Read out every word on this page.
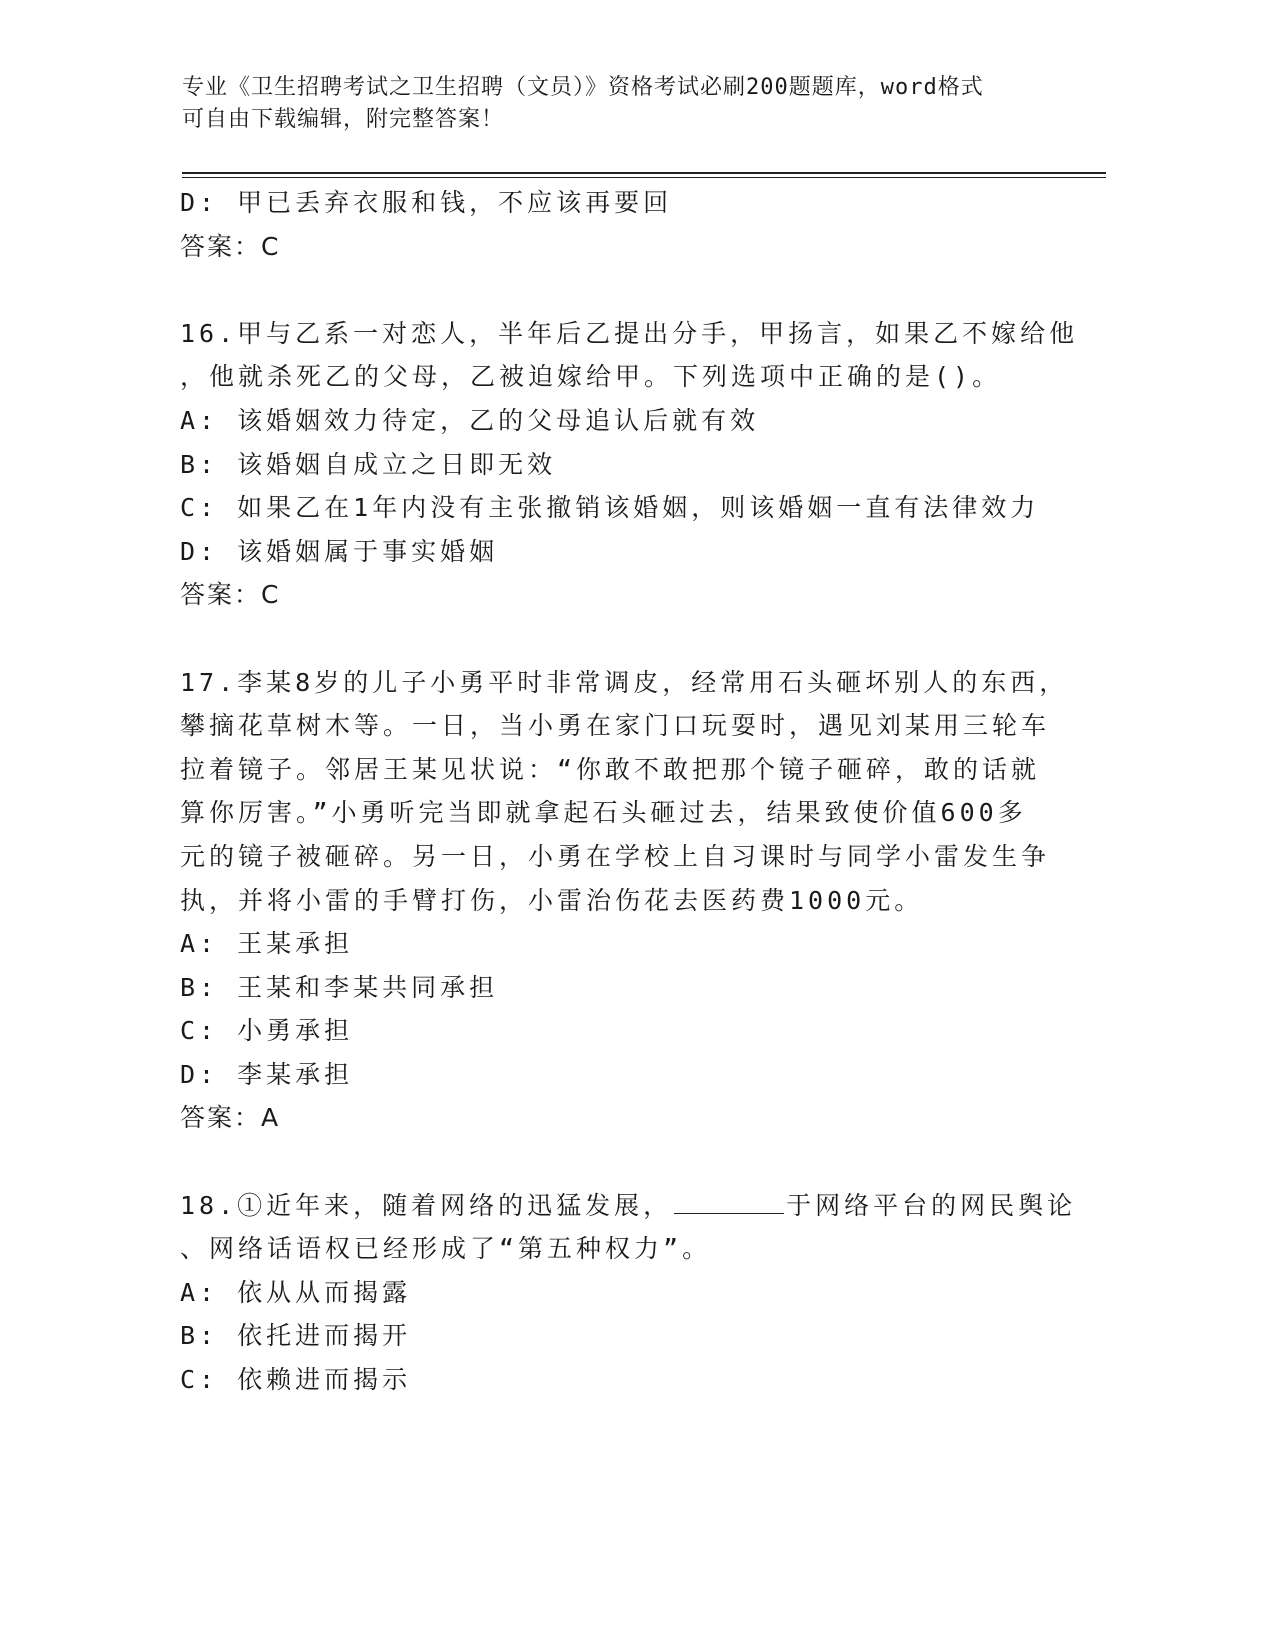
专业《卫生招聘考试之卫生招聘（文员）》资格考试必刷200题题库，word格式

可自由下载编辑，附完整答案！

D: 甲已丢弃衣服和钱，不应该再要回
答案：C
16.甲与乙系一对恋人，半年后乙提出分手，甲扬言，如果乙不嫁给他
，他就杀死乙的父母，乙被迫嫁给甲。下列选项中正确的是()。
A: 该婚姻效力待定，乙的父母追认后就有效
B: 该婚姻自成立之日即无效
C: 如果乙在1年内没有主张撤销该婚姻，则该婚姻一直有法律效力
D: 该婚姻属于事实婚姻
答案：C
17.李某8岁的儿子小勇平时非常调皮，经常用石头砸坏别人的东西，
攀摘花草树木等。一日，当小勇在家门口玩耍时，遇见刘某用三轮车
拉着镜子。邻居王某见状说：“你敢不敢把那个镜子砸碎，敢的话就
算你厉害。”小勇听完当即就拿起石头砸过去，结果致使价值600多
元的镜子被砸碎。另一日，小勇在学校上自习课时与同学小雷发生争
执，并将小雷的手臂打伤，小雷治伤花去医药费1000元。
A: 王某承担
B: 王某和李某共同承担
C: 小勇承担
D: 李某承担
答案：A
18.①近年来，随着网络的迅猛发展，	于网络平台的网民舆论
、网络话语权已经形成了“第五种权力”。
A: 依从从而揭露
B: 依托进而揭开
C: 依赖进而揭示
